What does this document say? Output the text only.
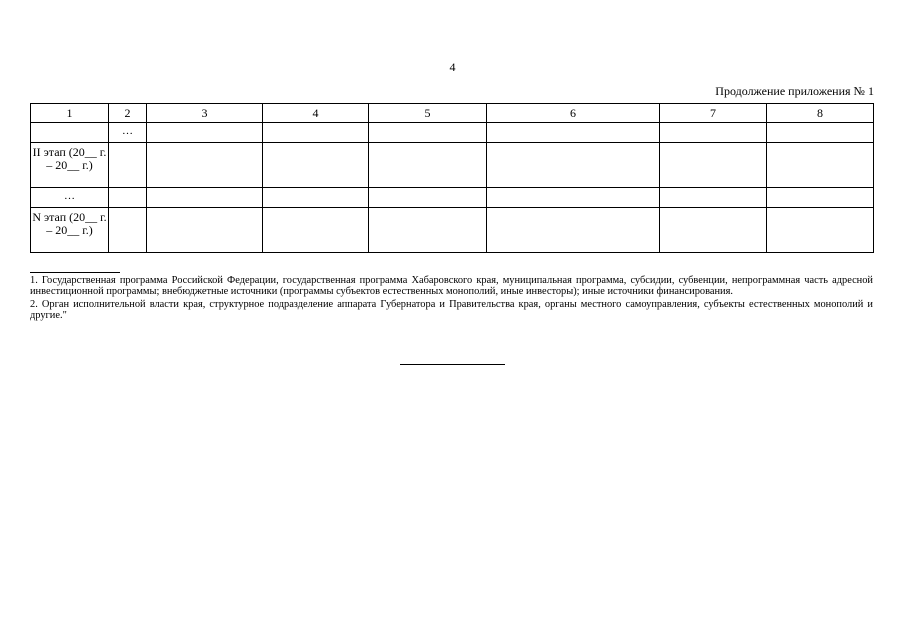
4
Продолжение приложения № 1
1	2	3	4	5	6	7	8

	…						

II этап (20__ г. – 20__ г.)							

…							

N этап (20__ г. – 20__ г.)							

1. Государственная программа Российской Федерации, государственная программа Хабаровского края, муниципальная программа, субсидии, субвенции, непрограммная часть адресной инвестиционной программы; внебюджетные источники (программы субъектов естественных монополий, иные инвесторы); иные источники финансирования.

2. Орган исполнительной власти края, структурное подразделение аппарата Губернатора и Правительства края, органы местного самоуправления, субъекты естественных монополий и другие."
